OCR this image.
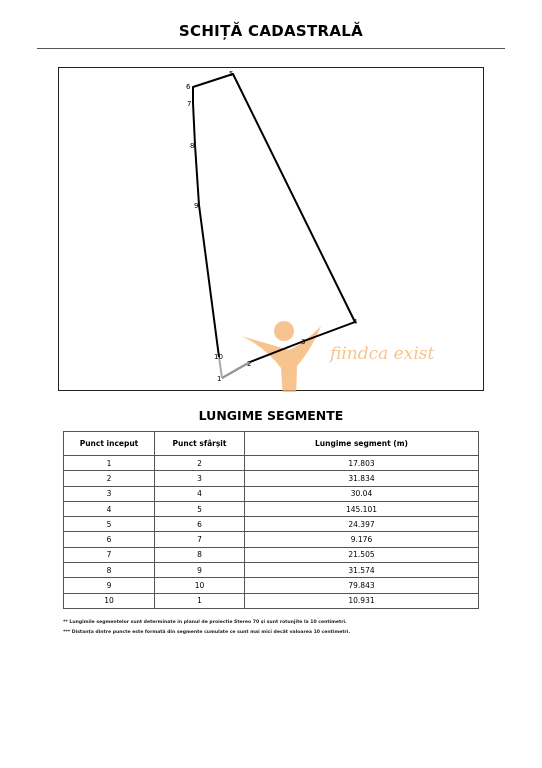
SCHIȚĂ CADASTRALĂ
fiindca exist
1
2
3
4
5
6
7
8
9
10
LUNGIME SEGMENTE
Punct inceput	Punct sfârșit	Lungime segment (m)
1	2	17.803
2	3	31.834
3	4	30.04
4	5	145.101
5	6	24.397
6	7	9.176
7	8	21.505
8	9	31.574
9	10	79.843
10	1	10.931
** Lungimile segmentelor sunt determinate in planul de proiectie Stereo 70 și sunt rotunjite la 10 centimetri.
*** Distanța dintre puncte este formată din segmente cumulate ce sunt mai mici decât valoarea 10 centimetri.
